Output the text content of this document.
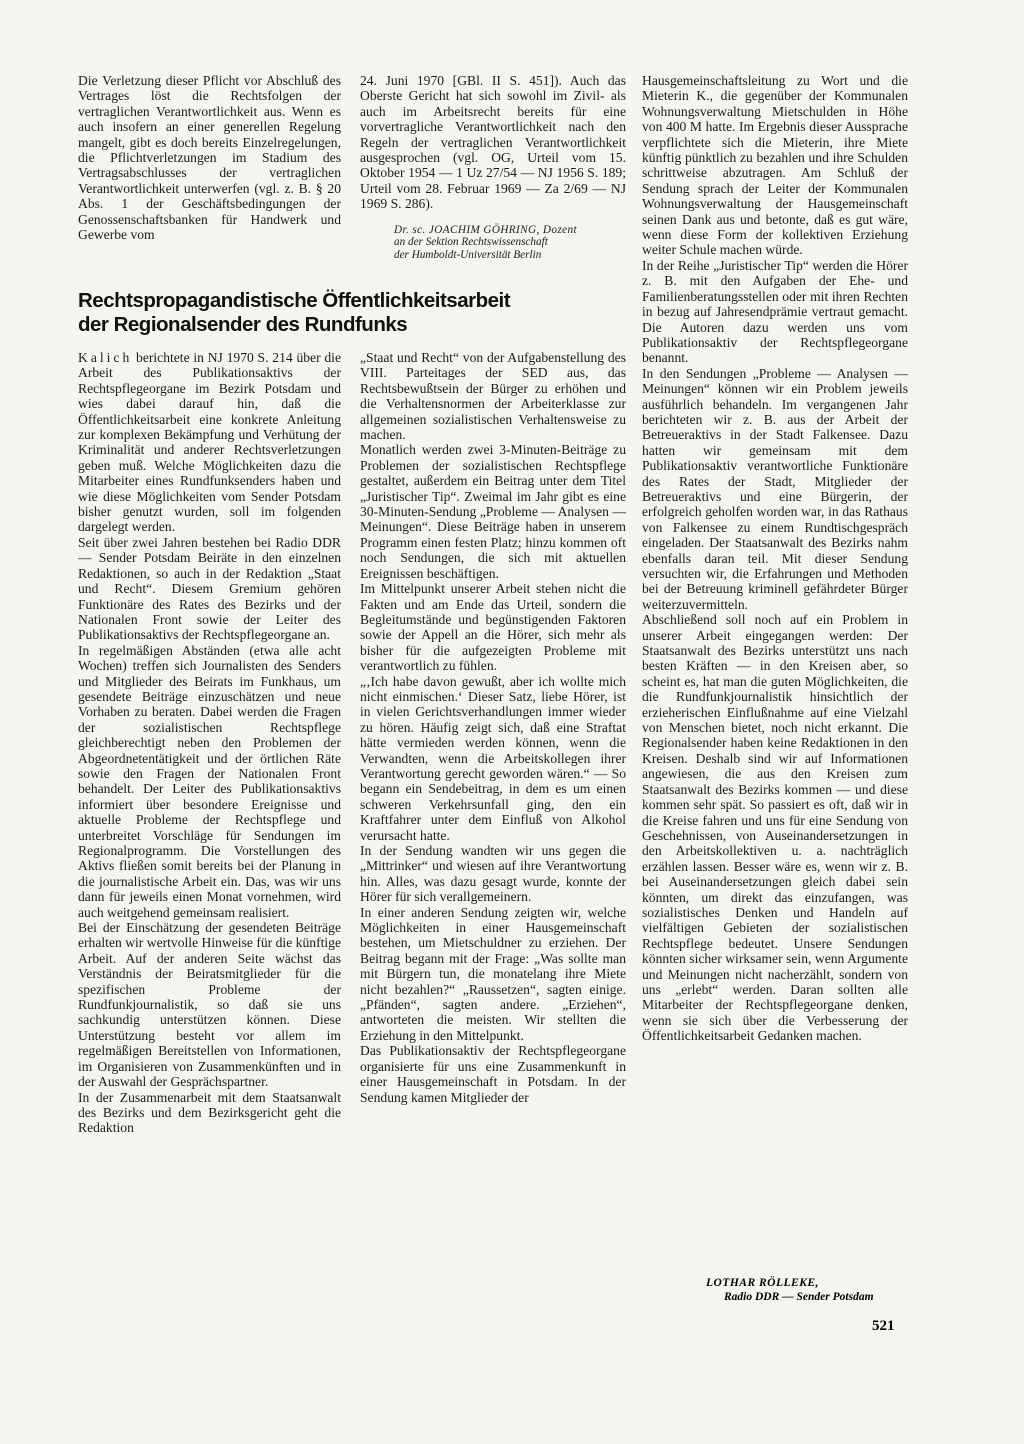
Die Verletzung dieser Pflicht vor Abschluß des Vertrages löst die Rechtsfolgen der vertraglichen Verantwortlichkeit aus. Wenn es auch insofern an einer generellen Regelung mangelt, gibt es doch bereits Einzelregelungen, die Pflichtverletzungen im Stadium des Vertragsabschlusses der vertraglichen Verantwortlichkeit unterwerfen (vgl. z. B. § 20 Abs. 1 der Geschäftsbedingungen der Genossenschaftsbanken für Handwerk und Gewerbe vom

24. Juni 1970 [GBl. II S. 451]). Auch das Oberste Gericht hat sich sowohl im Zivil- als auch im Arbeitsrecht bereits für eine vorvertragliche Verantwortlichkeit nach den Regeln der vertraglichen Verantwortlichkeit ausgesprochen (vgl. OG, Urteil vom 15. Oktober 1954 — 1 Uz 27/54 — NJ 1956 S. 189; Urteil vom 28. Februar 1969 — Za 2/69 — NJ 1969 S. 286).

Dr. sc. JOACHIM GÖHRING, Dozent
an der Sektion Rechtswissenschaft
der Humboldt-Universität Berlin
Rechtspropagandistische Öffentlichkeitsarbeit
der Regionalsender des Rundfunks

Kalich berichtete in NJ 1970 S. 214 über die Arbeit des Publikationsaktivs der Rechtspflegeorgane im Bezirk Potsdam und wies dabei darauf hin, daß die Öffentlichkeitsarbeit eine konkrete Anleitung zur komplexen Bekämpfung und Verhütung der Kriminalität und anderer Rechtsverletzungen geben muß. Welche Möglichkeiten dazu die Mitarbeiter eines Rundfunksenders haben und wie diese Möglichkeiten vom Sender Potsdam bisher genutzt wurden, soll im folgenden dargelegt werden.

Seit über zwei Jahren bestehen bei Radio DDR — Sender Potsdam Beiräte in den einzelnen Redaktionen, so auch in der Redaktion „Staat und Recht“. Diesem Gremium gehören Funktionäre des Rates des Bezirks und der Nationalen Front sowie der Leiter des Publikationsaktivs der Rechtspflegeorgane an.

In regelmäßigen Abständen (etwa alle acht Wochen) treffen sich Journalisten des Senders und Mitglieder des Beirats im Funkhaus, um gesendete Beiträge einzuschätzen und neue Vorhaben zu beraten. Dabei werden die Fragen der sozialistischen Rechtspflege gleichberechtigt neben den Problemen der Abgeordnetentätigkeit und der örtlichen Räte sowie den Fragen der Nationalen Front behandelt. Der Leiter des Publikationsaktivs informiert über besondere Ereignisse und aktuelle Probleme der Rechtspflege und unterbreitet Vorschläge für Sendungen im Regionalprogramm. Die Vorstellungen des Aktivs fließen somit bereits bei der Planung in die journalistische Arbeit ein. Das, was wir uns dann für jeweils einen Monat vornehmen, wird auch weitgehend gemeinsam realisiert.

Bei der Einschätzung der gesendeten Beiträge erhalten wir wertvolle Hinweise für die künftige Arbeit. Auf der anderen Seite wächst das Verständnis der Beiratsmitglieder für die spezifischen Probleme der Rundfunkjournalistik, so daß sie uns sachkundig unterstützen können. Diese Unterstützung besteht vor allem im regelmäßigen Bereitstellen von Informationen, im Organisieren von Zusammenkünften und in der Auswahl der Gesprächspartner.

In der Zusammenarbeit mit dem Staatsanwalt des Bezirks und dem Bezirksgericht geht die Redaktion

„Staat und Recht“ von der Aufgabenstellung des VIII. Parteitages der SED aus, das Rechtsbewußtsein der Bürger zu erhöhen und die Verhaltensnormen der Arbeiterklasse zur allgemeinen sozialistischen Verhaltensweise zu machen.

Monatlich werden zwei 3-Minuten-Beiträge zu Problemen der sozialistischen Rechtspflege gestaltet, außerdem ein Beitrag unter dem Titel „Juristischer Tip“. Zweimal im Jahr gibt es eine 30-Minuten-Sendung „Probleme — Analysen — Meinungen“. Diese Beiträge haben in unserem Programm einen festen Platz; hinzu kommen oft noch Sendungen, die sich mit aktuellen Ereignissen beschäftigen.

Im Mittelpunkt unserer Arbeit stehen nicht die Fakten und am Ende das Urteil, sondern die Begleitumstände und begünstigenden Faktoren sowie der Appell an die Hörer, sich mehr als bisher für die aufgezeigten Probleme mit verantwortlich zu fühlen.

„‚Ich habe davon gewußt, aber ich wollte mich nicht einmischen.‘ Dieser Satz, liebe Hörer, ist in vielen Gerichtsverhandlungen immer wieder zu hören. Häufig zeigt sich, daß eine Straftat hätte vermieden werden können, wenn die Verwandten, wenn die Arbeitskollegen ihrer Verantwortung gerecht geworden wären.“ — So begann ein Sendebeitrag, in dem es um einen schweren Verkehrsunfall ging, den ein Kraftfahrer unter dem Einfluß von Alkohol verursacht hatte.

In der Sendung wandten wir uns gegen die „Mittrinker“ und wiesen auf ihre Verantwortung hin. Alles, was dazu gesagt wurde, konnte der Hörer für sich verallgemeinern.

In einer anderen Sendung zeigten wir, welche Möglichkeiten in einer Hausgemeinschaft bestehen, um Mietschuldner zu erziehen. Der Beitrag begann mit der Frage: „Was sollte man mit Bürgern tun, die monatelang ihre Miete nicht bezahlen?“ „Raussetzen“, sagten einige. „Pfänden“, sagten andere. „Erziehen“, antworteten die meisten. Wir stellten die Erziehung in den Mittelpunkt.

Das Publikationsaktiv der Rechtspflegeorgane organisierte für uns eine Zusammenkunft in einer Hausgemeinschaft in Potsdam. In der Sendung kamen Mitglieder der

Hausgemeinschaftsleitung zu Wort und die Mieterin K., die gegenüber der Kommunalen Wohnungsverwaltung Mietschulden in Höhe von 400 M hatte. Im Ergebnis dieser Aussprache verpflichtete sich die Mieterin, ihre Miete künftig pünktlich zu bezahlen und ihre Schulden schrittweise abzutragen. Am Schluß der Sendung sprach der Leiter der Kommunalen Wohnungsverwaltung der Hausgemeinschaft seinen Dank aus und betonte, daß es gut wäre, wenn diese Form der kollektiven Erziehung weiter Schule machen würde.

In der Reihe „Juristischer Tip“ werden die Hörer z. B. mit den Aufgaben der Ehe- und Familienberatungsstellen oder mit ihren Rechten in bezug auf Jahresendprämie vertraut gemacht. Die Autoren dazu werden uns vom Publikationsaktiv der Rechtspflegeorgane benannt.

In den Sendungen „Probleme — Analysen — Meinungen“ können wir ein Problem jeweils ausführlich behandeln. Im vergangenen Jahr berichteten wir z. B. aus der Arbeit der Betreueraktivs in der Stadt Falkensee. Dazu hatten wir gemeinsam mit dem Publikationsaktiv verantwortliche Funktionäre des Rates der Stadt, Mitglieder der Betreueraktivs und eine Bürgerin, der erfolgreich geholfen worden war, in das Rathaus von Falkensee zu einem Rundtischgespräch eingeladen. Der Staatsanwalt des Bezirks nahm ebenfalls daran teil. Mit dieser Sendung versuchten wir, die Erfahrungen und Methoden bei der Betreuung kriminell gefährdeter Bürger weiterzuvermitteln.

Abschließend soll noch auf ein Problem in unserer Arbeit eingegangen werden: Der Staatsanwalt des Bezirks unterstützt uns nach besten Kräften — in den Kreisen aber, so scheint es, hat man die guten Möglichkeiten, die die Rundfunkjournalistik hinsichtlich der erzieherischen Einflußnahme auf eine Vielzahl von Menschen bietet, noch nicht erkannt. Die Regionalsender haben keine Redaktionen in den Kreisen. Deshalb sind wir auf Informationen angewiesen, die aus den Kreisen zum Staatsanwalt des Bezirks kommen — und diese kommen sehr spät. So passiert es oft, daß wir in die Kreise fahren und uns für eine Sendung von Geschehnissen, von Auseinandersetzungen in den Arbeitskollektiven u. a. nachträglich erzählen lassen. Besser wäre es, wenn wir z. B. bei Auseinandersetzungen gleich dabei sein könnten, um direkt das einzufangen, was sozialistisches Denken und Handeln auf vielfältigen Gebieten der sozialistischen Rechtspflege bedeutet. Unsere Sendungen könnten sicher wirksamer sein, wenn Argumente und Meinungen nicht nacherzählt, sondern von uns „erlebt“ werden. Daran sollten alle Mitarbeiter der Rechtspflegeorgane denken, wenn sie sich über die Verbesserung der Öffentlichkeitsarbeit Gedanken machen.

LOTHAR RÖLLEKE,
Radio DDR — Sender Potsdam
521
